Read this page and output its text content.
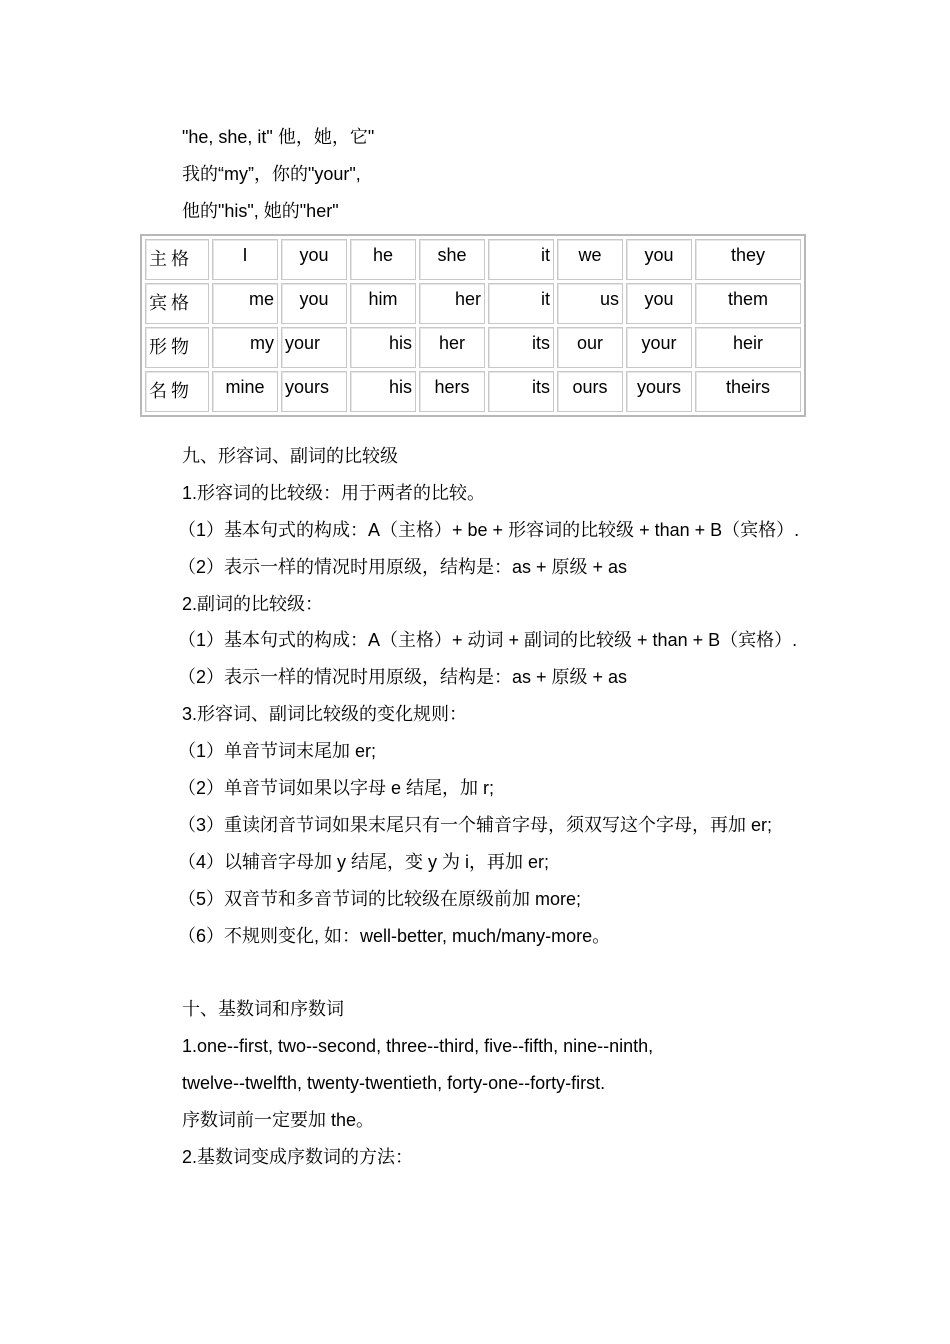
"he, she, it" 他，她，它"
我的“my”，你的"your",
他的"his", 她的"her"
主格	I	you	he	she	it	we	you	they
宾格	me	you	him	her	it	us	you	them
形物	my	your	his	her	its	our	your	heir
名物	mine	yours	his	hers	its	ours	yours	theirs
九、形容词、副词的比较级
1.形容词的比较级：用于两者的比较。
（1）基本句式的构成：A（主格）+ be + 形容词的比较级 + than + B（宾格）.
（2）表示一样的情况时用原级，结构是：as + 原级 + as
2.副词的比较级：
（1）基本句式的构成：A（主格）+ 动词 + 副词的比较级 + than + B（宾格）.
（2）表示一样的情况时用原级，结构是：as + 原级 + as
3.形容词、副词比较级的变化规则：
（1）单音节词末尾加 er;
（2）单音节词如果以字母 e 结尾，加 r;
（3）重读闭音节词如果末尾只有一个辅音字母，须双写这个字母，再加 er;
（4）以辅音字母加 y 结尾，变 y 为 i，再加 er;
（5）双音节和多音节词的比较级在原级前加 more;
（6）不规则变化, 如：well-better, much/many-more。
十、基数词和序数词
1.one--first, two--second, three--third, five--fifth, nine--ninth,
twelve--twelfth, twenty-twentieth, forty-one--forty-first.
序数词前一定要加 the。
2.基数词变成序数词的方法：
